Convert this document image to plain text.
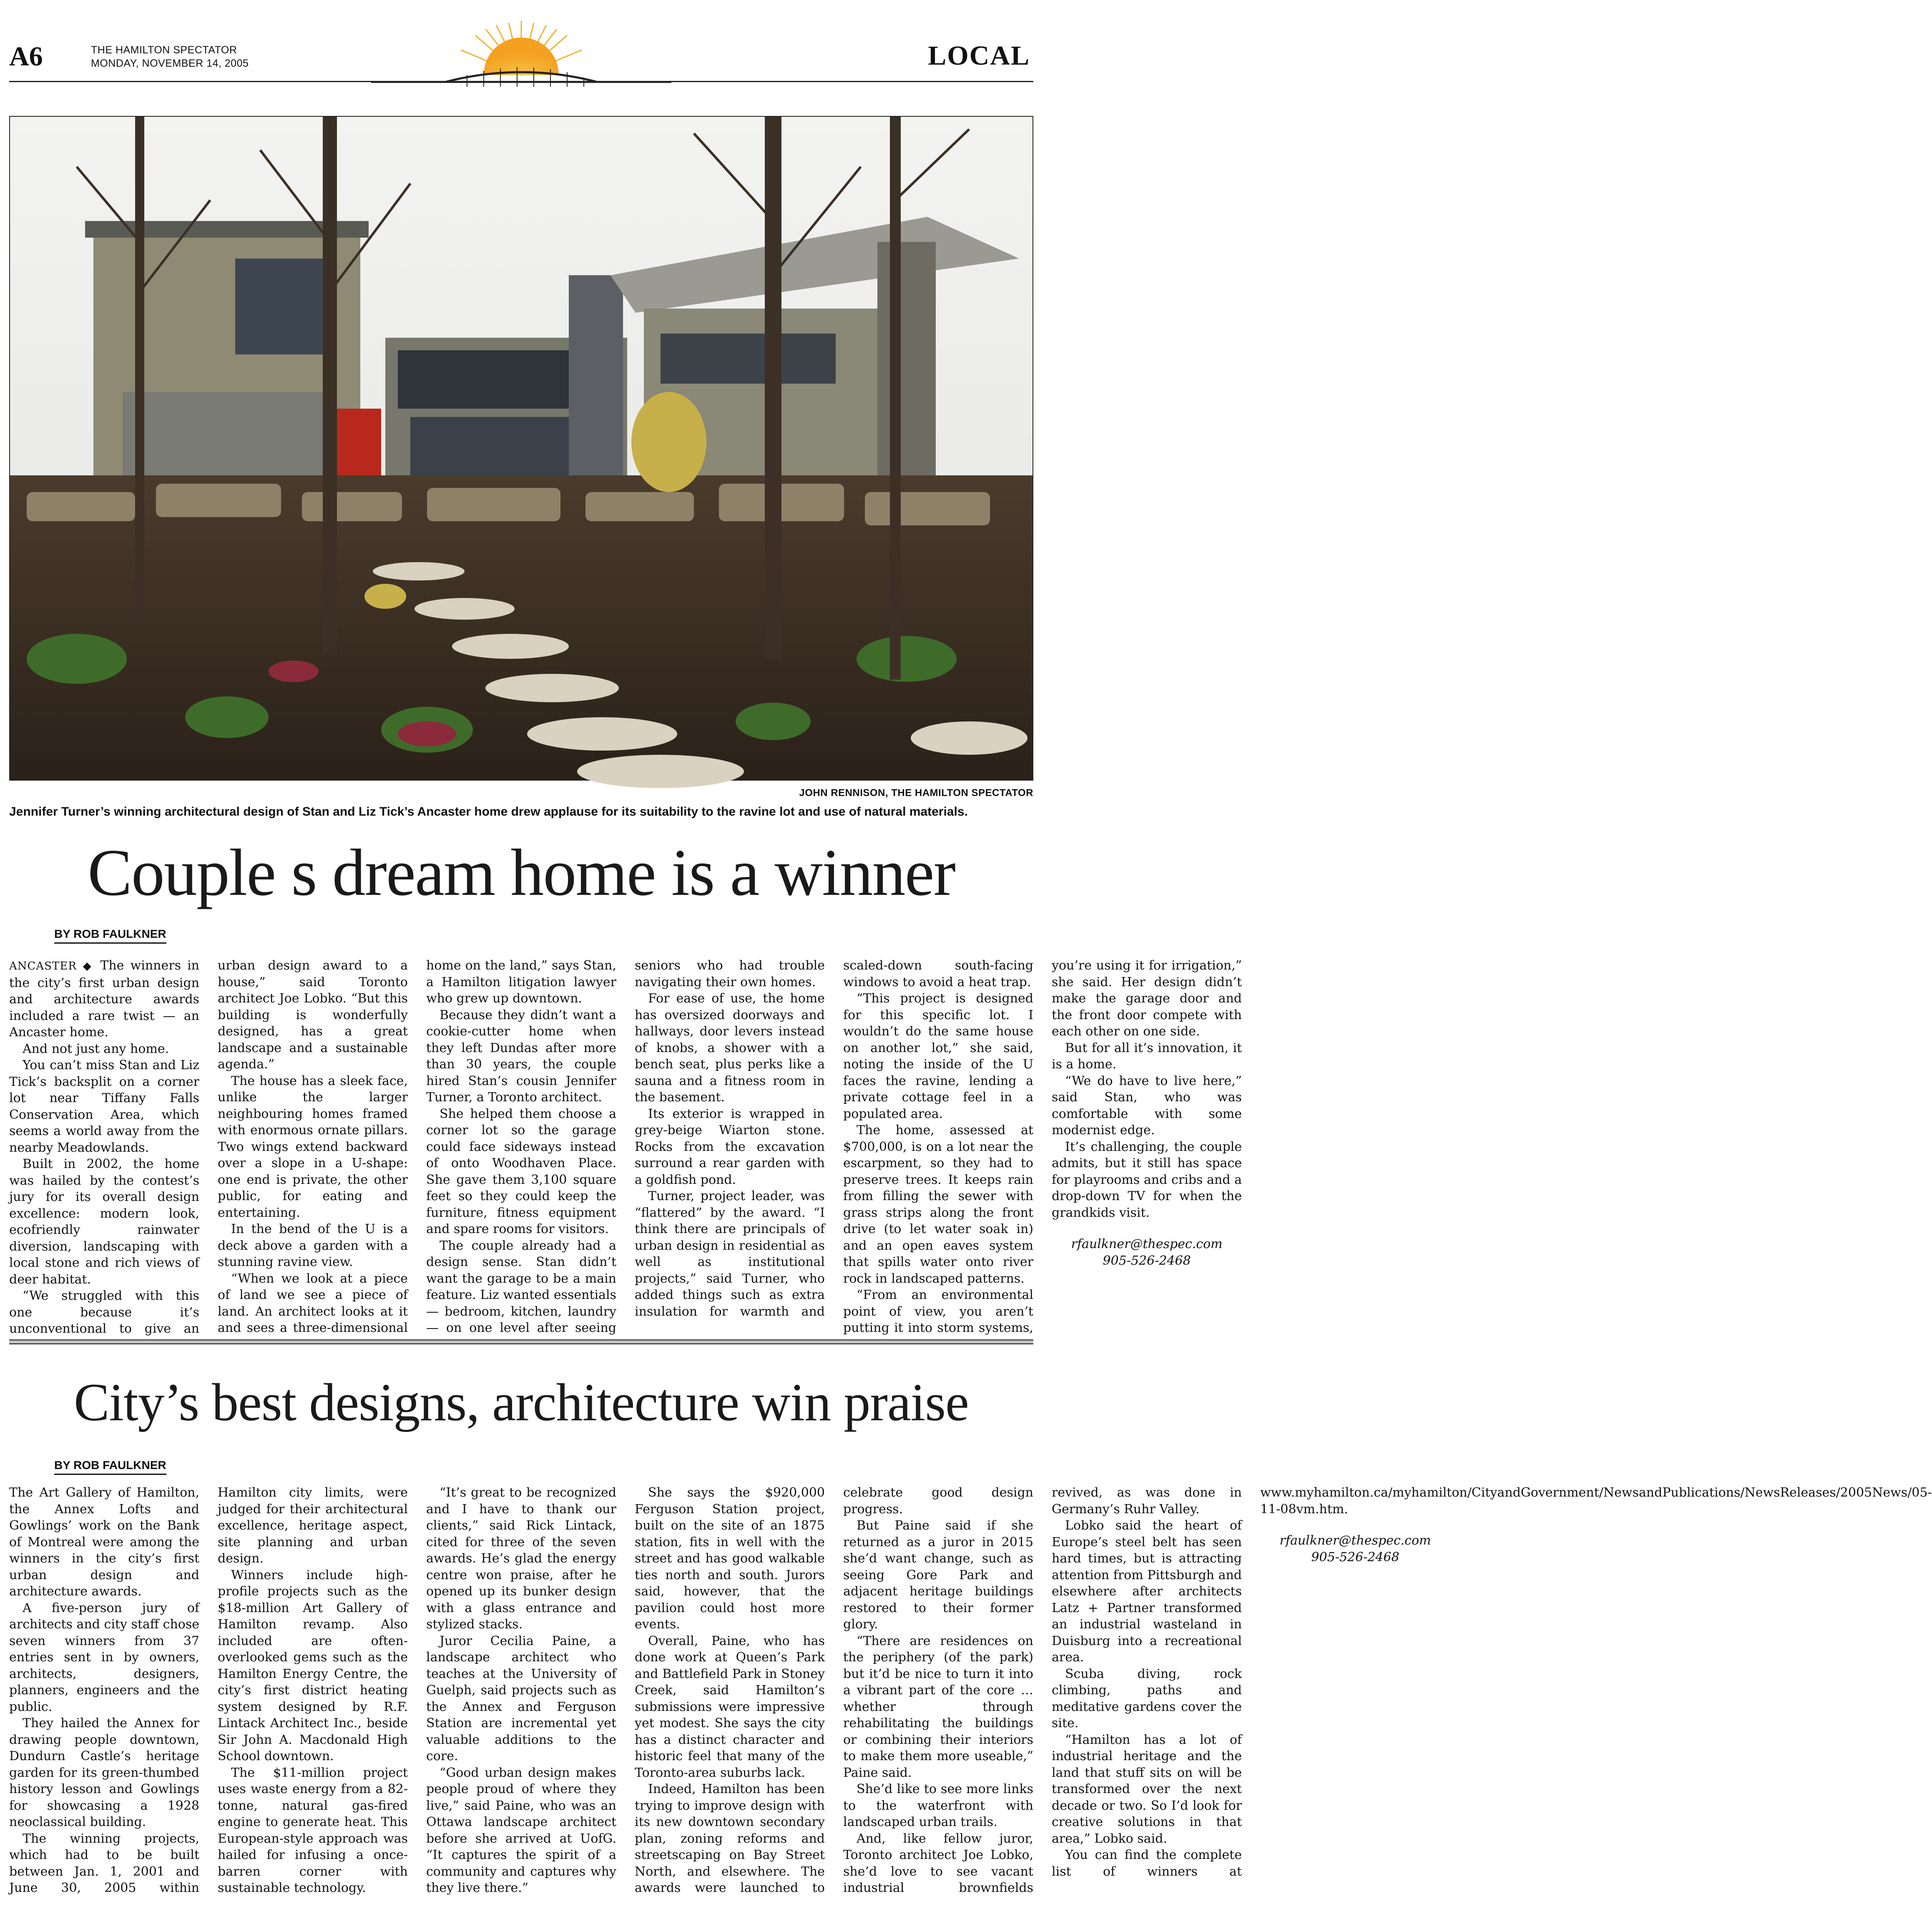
A6	THE HAMILTON SPECTATOR
MONDAY, NOVEMBER 14, 2005	LOCAL
JOHN RENNISON, THE HAMILTON SPECTATOR
Jennifer Turner’s winning architectural design of Stan and Liz Tick’s Ancaster home drew applause for its suitability to the ravine lot and use of natural materials.
Couple s dream home is a winner
BY ROB FAULKNER

ANCASTER ◆ The winners in the city’s first urban design and architecture awards included a rare twist — an Ancaster home.

And not just any home.

You can’t miss Stan and Liz Tick’s backsplit on a corner lot near Tiffany Falls Conservation Area, which seems a world away from the nearby Meadowlands.

Built in 2002, the home was hailed by the contest’s jury for its overall design excellence: modern look, ecofriendly rainwater diversion, landscaping with local stone and rich views of deer habitat.

“We struggled with this one because it’s unconventional to give an urban design award to a house,” said Toronto architect Joe Lobko. “But this building is wonderfully designed, has a great landscape and a sustainable agenda.”

The house has a sleek face, unlike the larger neighbouring homes framed with enormous ornate pillars. Two wings extend backward over a slope in a U-shape: one end is private, the other public, for eating and entertaining.

In the bend of the U is a deck above a garden with a stunning ravine view.

“When we look at a piece of land we see a piece of land. An architect looks at it and sees a three-dimensional home on the land,” says Stan, a Hamilton litigation lawyer who grew up downtown.

Because they didn’t want a cookie-cutter home when they left Dundas after more than 30 years, the couple hired Stan’s cousin Jennifer Turner, a Toronto architect.

She helped them choose a corner lot so the garage could face sideways instead of onto Woodhaven Place. She gave them 3,100 square feet so they could keep the furniture, fitness equipment and spare rooms for visitors.

The couple already had a design sense. Stan didn’t want the garage to be a main feature. Liz wanted essentials — bedroom, kitchen, laundry — on one level after seeing seniors who had trouble navigating their own homes.

For ease of use, the home has oversized doorways and hallways, door levers instead of knobs, a shower with a bench seat, plus perks like a sauna and a fitness room in the basement.

Its exterior is wrapped in grey-beige Wiarton stone. Rocks from the excavation surround a rear garden with a goldfish pond.

Turner, project leader, was “flattered” by the award. “I think there are principals of urban design in residential as well as institutional projects,” said Turner, who added things such as extra insulation for warmth and scaled-down south-facing windows to avoid a heat trap.

“This project is designed for this specific lot. I wouldn’t do the same house on another lot,” she said, noting the inside of the U faces the ravine, lending a private cottage feel in a populated area.

The home, assessed at $700,000, is on a lot near the escarpment, so they had to preserve trees. It keeps rain from filling the sewer with grass strips along the front drive (to let water soak in) and an open eaves system that spills water onto river rock in landscaped patterns.

“From an environmental point of view, you aren’t putting it into storm systems, you’re using it for irrigation,” she said. Her design didn’t make the garage door and the front door compete with each other on one side.

But for all it’s innovation, it is a home.

“We do have to live here,” said Stan, who was comfortable with some modernist edge.

It’s challenging, the couple admits, but it still has space for playrooms and cribs and a drop-down TV for when the grandkids visit.

rfaulkner@thespec.com

905-526-2468

City’s best designs, architecture win praise
BY ROB FAULKNER

The Art Gallery of Hamilton, the Annex Lofts and Gowlings’ work on the Bank of Montreal were among the winners in the city’s first urban design and architecture awards.

A five-person jury of architects and city staff chose seven winners from 37 entries sent in by owners, architects, designers, planners, engineers and the public.

They hailed the Annex for drawing people downtown, Dundurn Castle’s heritage garden for its green-thumbed history lesson and Gowlings for showcasing a 1928 neoclassical building.

The winning projects, which had to be built between Jan. 1, 2001 and June 30, 2005 within Hamilton city limits, were judged for their architectural excellence, heritage aspect, site planning and urban design.

Winners include high-profile projects such as the $18-million Art Gallery of Hamilton revamp. Also included are often-overlooked gems such as the Hamilton Energy Centre, the city’s first district heating system designed by R.F. Lintack Architect Inc., beside Sir John A. Macdonald High School downtown.

The $11-million project uses waste energy from a 82-tonne, natural gas-fired engine to generate heat. This European-style approach was hailed for infusing a once-barren corner with sustainable technology.

“It’s great to be recognized and I have to thank our clients,” said Rick Lintack, cited for three of the seven awards. He’s glad the energy centre won praise, after he opened up its bunker design with a glass entrance and stylized stacks.

Juror Cecilia Paine, a landscape architect who teaches at the University of Guelph, said projects such as the Annex and Ferguson Station are incremental yet valuable additions to the core.

“Good urban design makes people proud of where they live,” said Paine, who was an Ottawa landscape architect before she arrived at UofG. “It captures the spirit of a community and captures why they live there.”

She says the $920,000 Ferguson Station project, built on the site of an 1875 station, fits in well with the street and has good walkable ties north and south. Jurors said, however, that the pavilion could host more events.

Overall, Paine, who has done work at Queen’s Park and Battlefield Park in Stoney Creek, said Hamilton’s submissions were impressive yet modest. She says the city has a distinct character and historic feel that many of the Toronto-area suburbs lack.

Indeed, Hamilton has been trying to improve design with its new downtown secondary plan, zoning reforms and streetscaping on Bay Street North, and elsewhere. The awards were launched to celebrate good design progress.

But Paine said if she returned as a juror in 2015 she’d want change, such as seeing Gore Park and adjacent heritage buildings restored to their former glory.

“There are residences on the periphery (of the park) but it’d be nice to turn it into a vibrant part of the core … whether through rehabilitating the buildings or combining their interiors to make them more useable,” Paine said.

She’d like to see more links to the waterfront with landscaped urban trails.

And, like fellow juror, Toronto architect Joe Lobko, she’d love to see vacant industrial brownfields revived, as was done in Germany’s Ruhr Valley.

Lobko said the heart of Europe’s steel belt has seen hard times, but is attracting attention from Pittsburgh and elsewhere after architects Latz + Partner transformed an industrial wasteland in Duisburg into a recreational area.

Scuba diving, rock climbing, paths and meditative gardens cover the site.

“Hamilton has a lot of industrial heritage and the land that stuff sits on will be transformed over the next decade or two. So I’d look for creative solutions in that area,” Lobko said.

You can find the complete list of winners at www.myhamilton.ca/myhamilton/CityandGovernment/NewsandPublications/NewsReleases/2005News/05-11-08vm.htm.

rfaulkner@thespec.com

905-526-2468
